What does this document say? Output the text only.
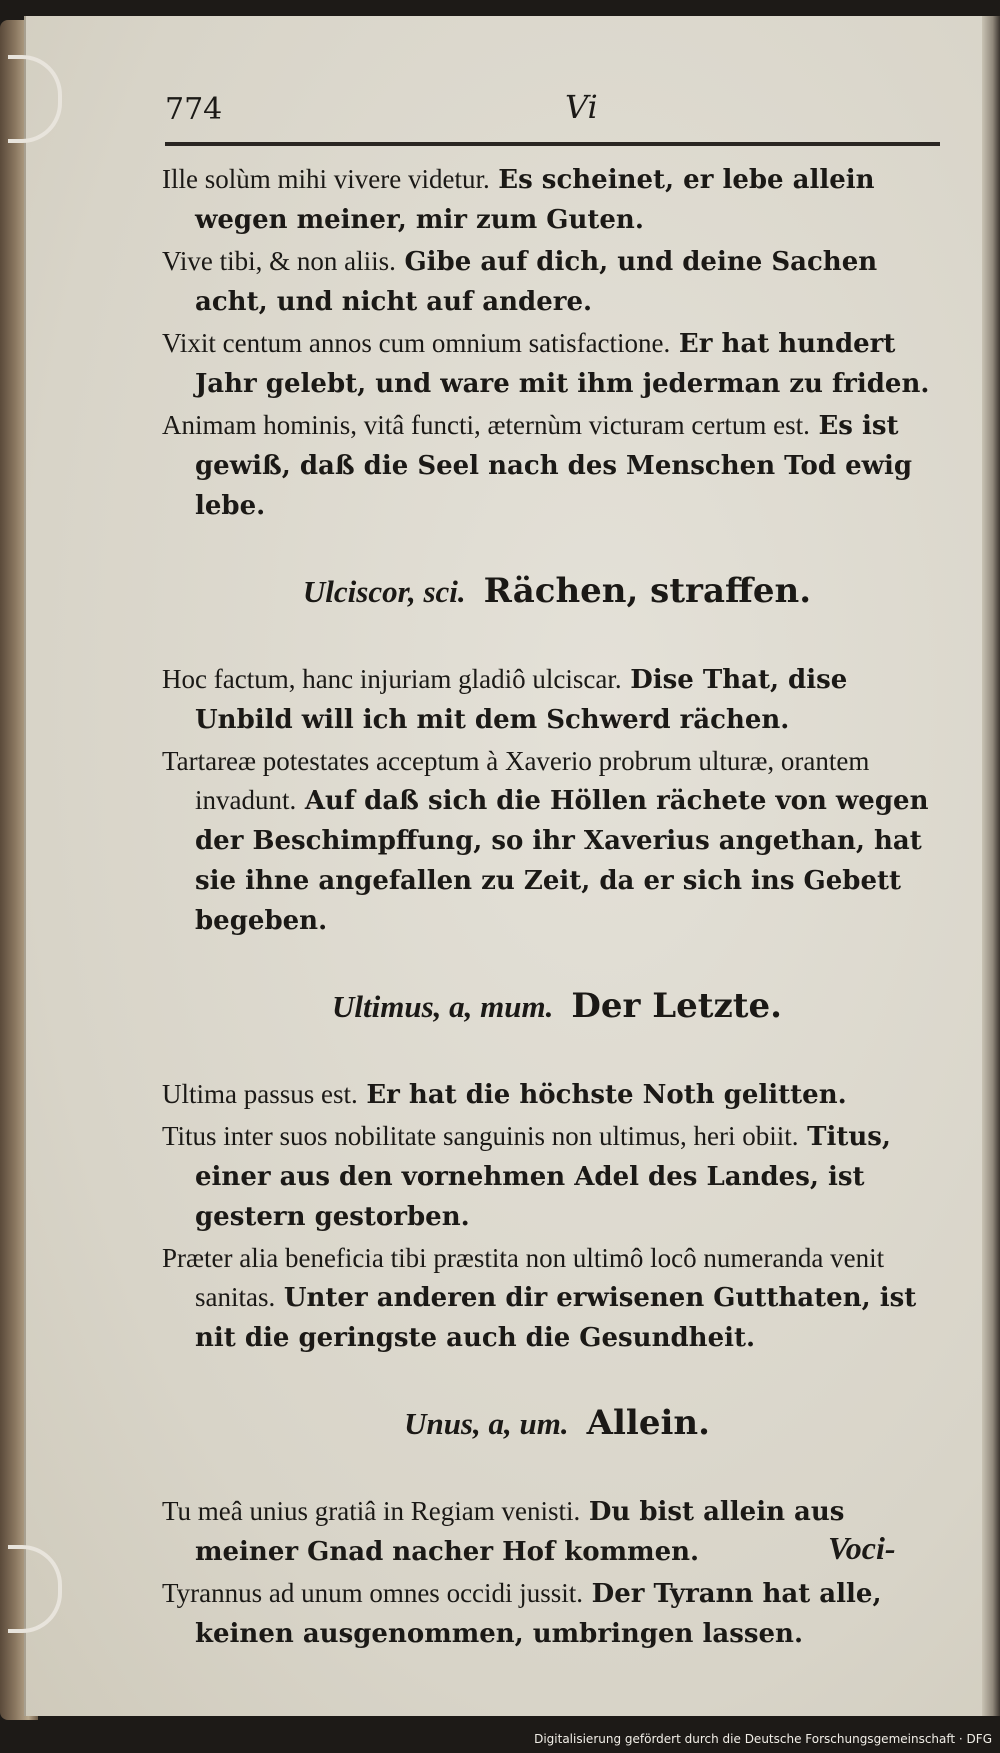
774	Vi

Ille solùm mihi vivere videtur. Es scheinet, er lebe allein wegen meiner, mir zum Guten.

Vive tibi, & non aliis. Gibe auf dich, und deine Sachen acht, und nicht auf andere.

Vixit centum annos cum omnium satisfactione. Er hat hundert Jahr gelebt, und ware mit ihm jederman zu friden.

Animam hominis, vitâ functi, æternùm victuram certum est. Es ist gewiß, daß die Seel nach des Menschen Tod ewig lebe.

Ulciscor, sci. Rächen, straffen.

Hoc factum, hanc injuriam gladiô ulciscar. Dise That, dise Unbild will ich mit dem Schwerd rächen.

Tartareæ potestates acceptum à Xaverio probrum ulturæ, orantem invadunt. Auf daß sich die Höllen rächete von wegen der Beschimpffung, so ihr Xaverius angethan, hat sie ihne angefallen zu Zeit, da er sich ins Gebett begeben.

Ultimus, a, mum. Der Letzte.

Ultima passus est. Er hat die höchste Noth gelitten.

Titus inter suos nobilitate sanguinis non ultimus, heri obiit. Titus, einer aus den vornehmen Adel des Landes, ist gestern gestorben.

Præter alia beneficia tibi præstita non ultimô locô numeranda venit sanitas. Unter anderen dir erwisenen Gutthaten, ist nit die geringste auch die Gesundheit.

Unus, a, um. Allein.

Tu meâ unius gratiâ in Regiam venisti. Du bist allein aus meiner Gnad nacher Hof kommen.

Tyrannus ad unum omnes occidi jussit. Der Tyrann hat alle, keinen ausgenommen, umbringen lassen.

Voci-
Digitalisierung gefördert durch die Deutsche Forschungsgemeinschaft · DFG
